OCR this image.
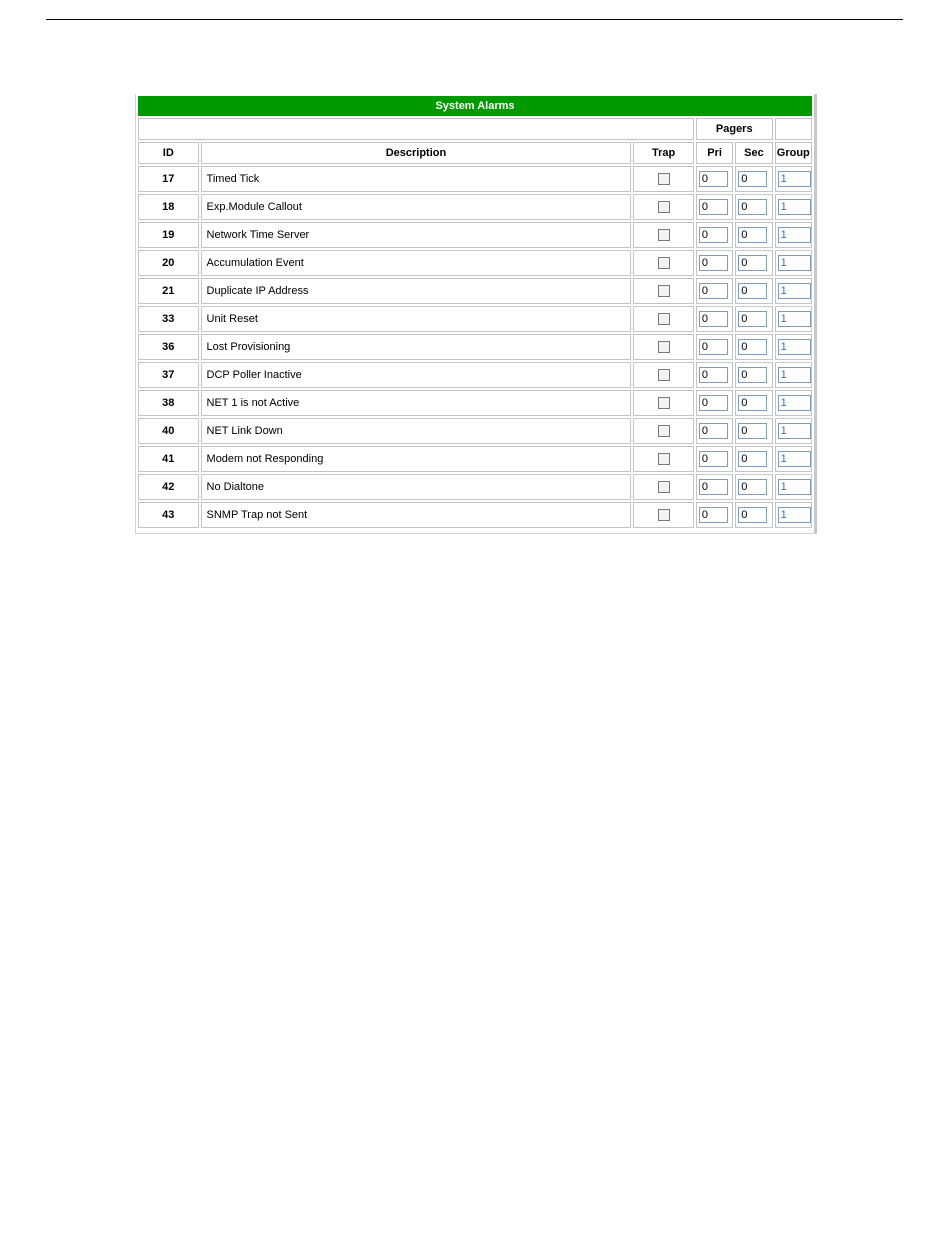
System Alarms					
			Pagers		
ID	Description	Trap	Pri	Sec	Group
17	Timed Tick		0	0	1
18	Exp.Module Callout		0	0	1
19	Network Time Server		0	0	1
20	Accumulation Event		0	0	1
21	Duplicate IP Address		0	0	1
33	Unit Reset		0	0	1
36	Lost Provisioning		0	0	1
37	DCP Poller Inactive		0	0	1
38	NET 1 is not Active		0	0	1
40	NET Link Down		0	0	1
41	Modem not Responding		0	0	1
42	No Dialtone		0	0	1
43	SNMP Trap not Sent		0	0	1
